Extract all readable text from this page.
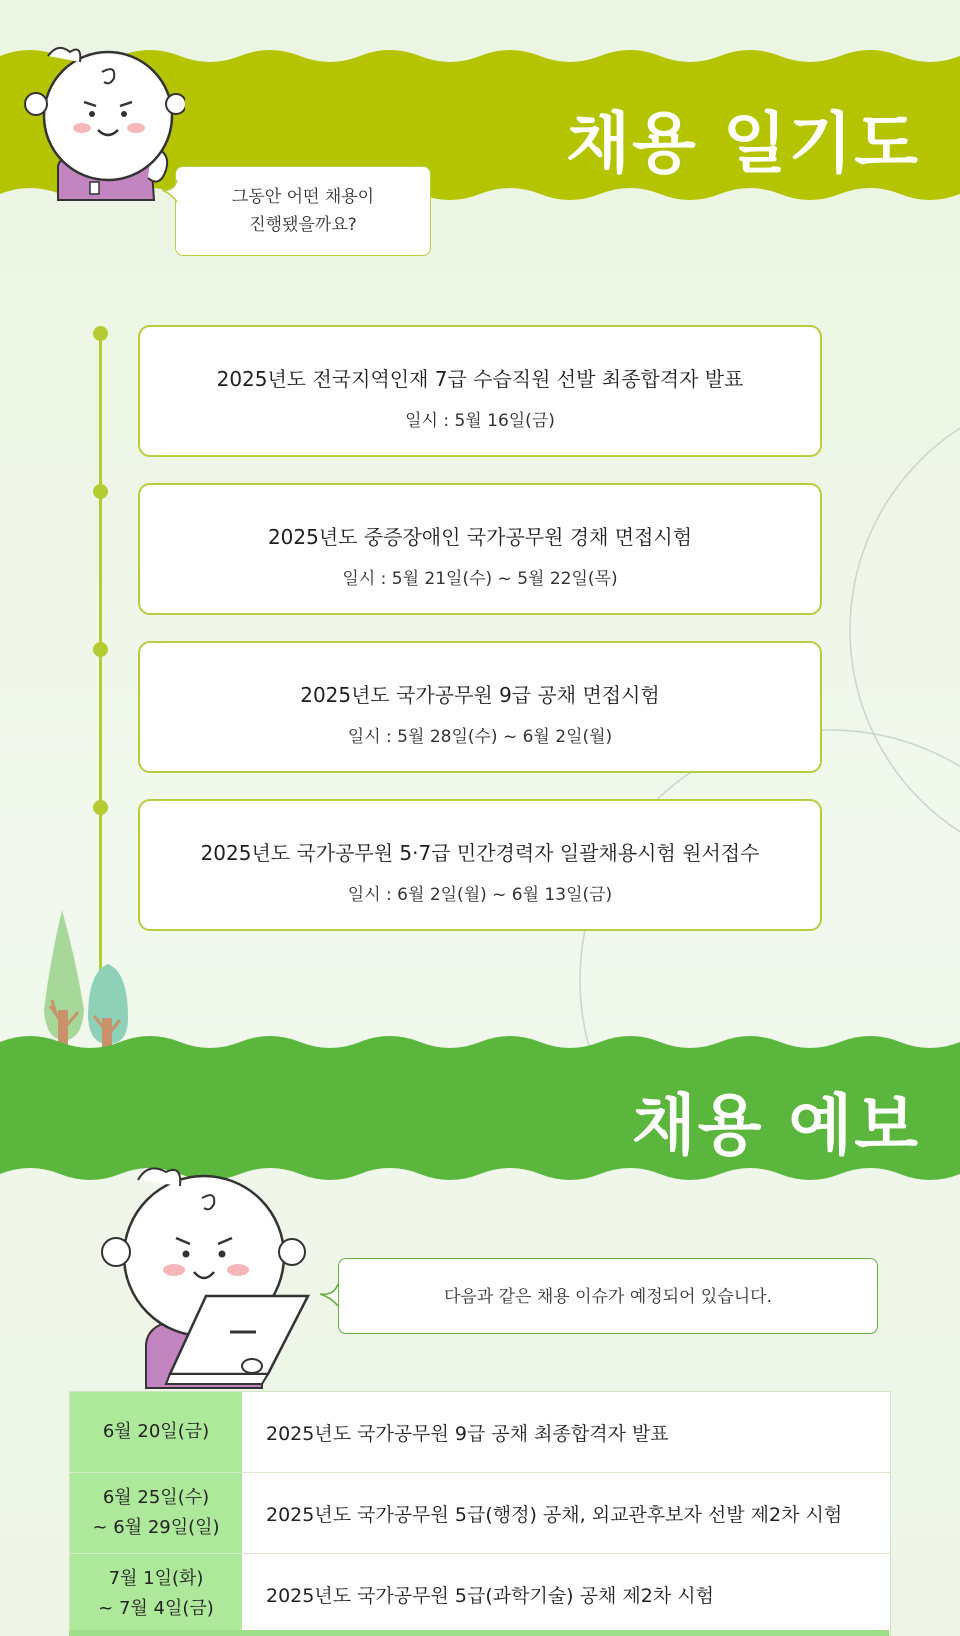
채용 일기도
그동안 어떤 채용이
진행됐을까요?
2025년도 전국지역인재 7급 수습직원 선발 최종합격자 발표
일시 : 5월 16일(금)
2025년도 중증장애인 국가공무원 경채 면접시험
일시 : 5월 21일(수) ~ 5월 22일(목)
2025년도 국가공무원 9급 공채 면접시험
일시 : 5월 28일(수) ~ 6월 2일(월)
2025년도 국가공무원 5·7급 민간경력자 일괄채용시험 원서접수
일시 : 6월 2일(월) ~ 6월 13일(금)
채용 예보
다음과 같은 채용 이슈가 예정되어 있습니다.
6월 20일(금)	2025년도 국가공무원 9급 공채 최종합격자 발표
6월 25일(수)
~ 6월 29일(일)
2025년도 국가공무원 5급(행정) 공채, 외교관후보자 선발 제2차 시험
7월 1일(화)
~ 7월 4일(금)
2025년도 국가공무원 5급(과학기술) 공채 제2차 시험
